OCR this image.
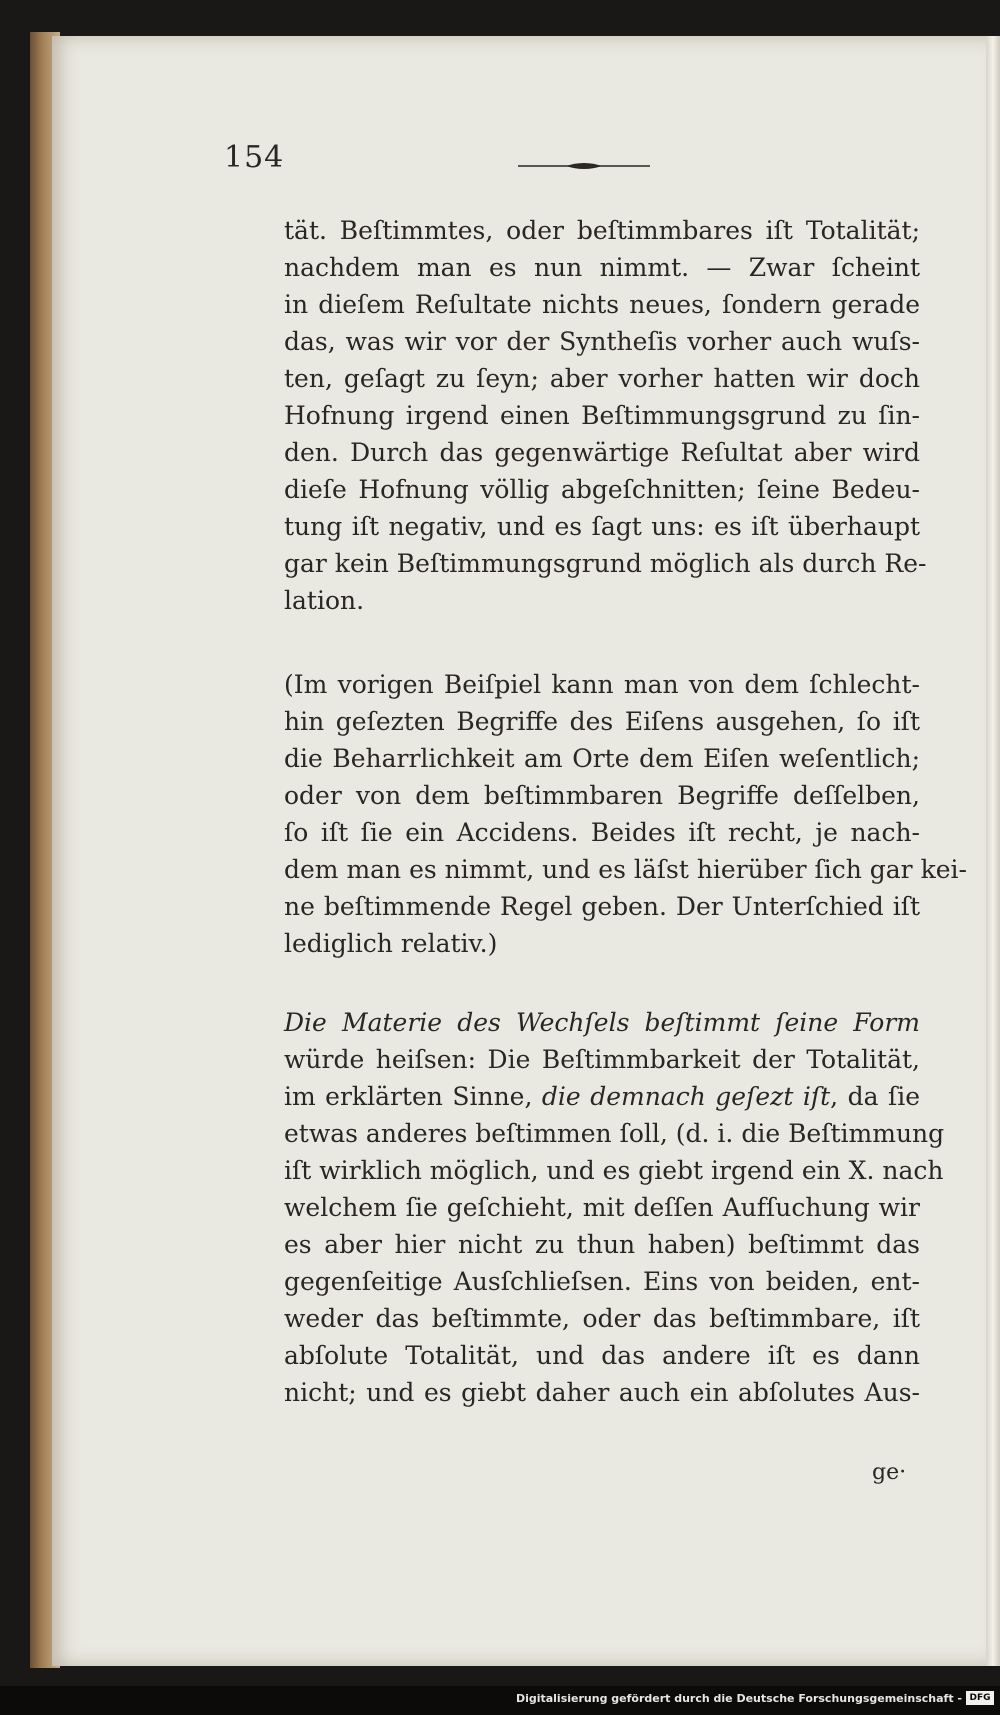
154
tät. Beſtimmtes, oder beſtimmbares iſt Totalität;
nachdem man es nun nimmt. — Zwar ſcheint
in dieſem Reſultate nichts neues, ſondern gerade
das, was wir vor der Syntheſis vorher auch wuſs-
ten, geſagt zu ſeyn; aber vorher hatten wir doch
Hofnung irgend einen Beſtimmungsgrund zu ſin-
den. Durch das gegenwärtige Reſultat aber wird
dieſe Hofnung völlig abgeſchnitten; ſeine Bedeu-
tung iſt negativ, und es ſagt uns: es iſt überhaupt
gar kein Beſtimmungsgrund möglich als durch Re-
lation.
(Im vorigen Beiſpiel kann man von dem ſchlecht-
hin geſezten Begriffe des Eiſens ausgehen, ſo iſt
die Beharrlichkeit am Orte dem Eiſen weſentlich;
oder von dem beſtimmbaren Begriffe deſſelben,
ſo iſt ſie ein Accidens. Beides iſt recht, je nach-
dem man es nimmt, und es läſst hierüber ſich gar kei-
ne beſtimmende Regel geben. Der Unterſchied iſt
lediglich relativ.)
Die Materie des Wechſels beſtimmt ſeine Form
würde heiſsen: Die Beſtimmbarkeit der Totalität,
im erklärten Sinne, die demnach geſezt iſt, da ſie
etwas anderes beſtimmen ſoll, (d. i. die Beſtimmung
iſt wirklich möglich, und es giebt irgend ein X. nach
welchem ſie geſchieht, mit deſſen Aufſuchung wir
es aber hier nicht zu thun haben) beſtimmt das
gegenſeitige Ausſchlieſsen. Eins von beiden, ent-
weder das beſtimmte, oder das beſtimmbare, iſt
abſolute Totalität, und das andere iſt es dann
nicht; und es giebt daher auch ein abſolutes Aus-
ge·
Digitalisierung gefördert durch die Deutsche Forschungsgemeinschaft - DFG
